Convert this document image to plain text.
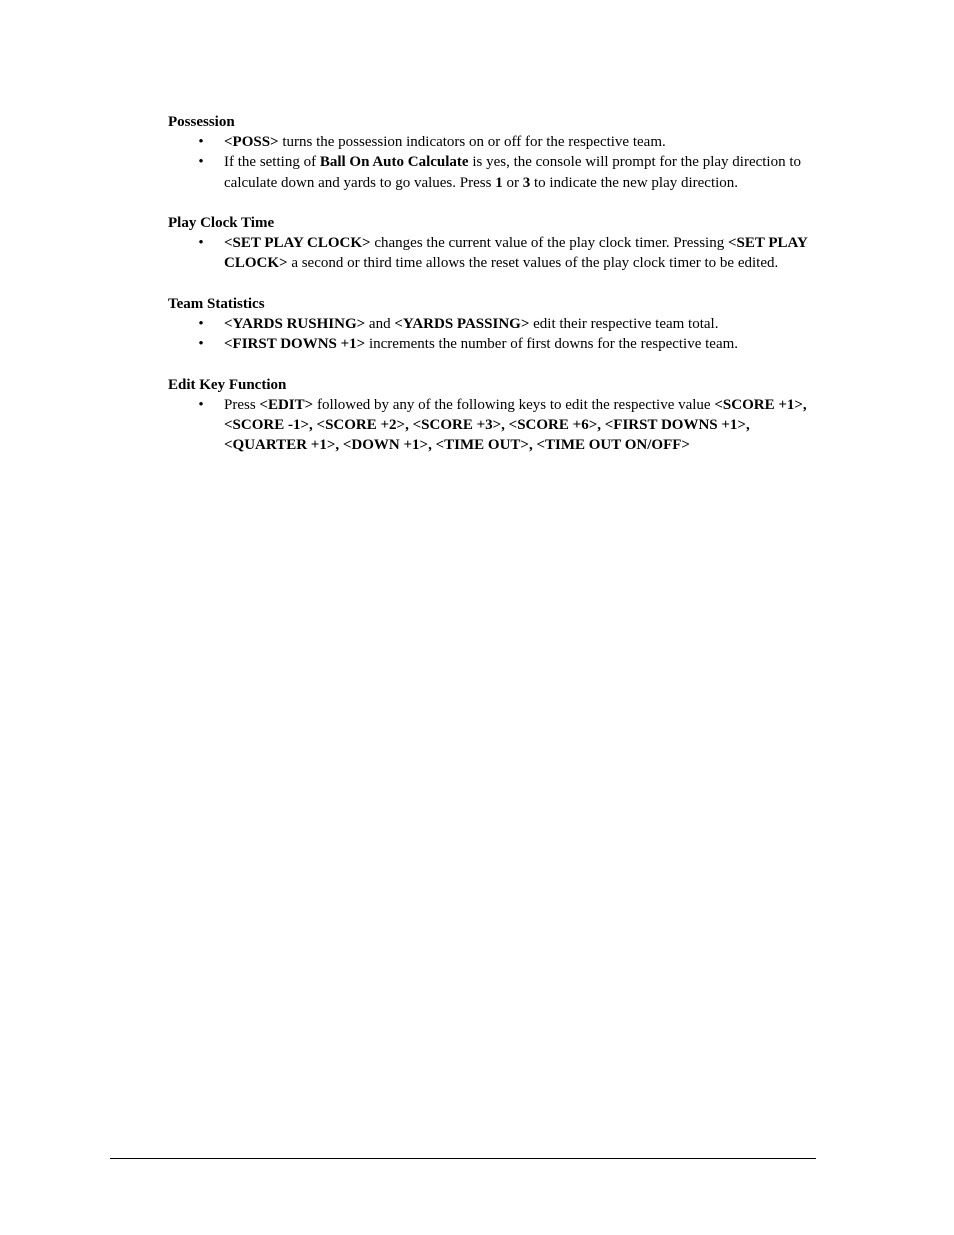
Possession

• <POSS> turns the possession indicators on or off for the respective team.
• If the setting of Ball On Auto Calculate is yes, the console will prompt for the play direction to calculate down and yards to go values. Press 1 or 3 to indicate the new play direction.

Play Clock Time

• <SET PLAY CLOCK> changes the current value of the play clock timer. Pressing <SET PLAY CLOCK> a second or third time allows the reset values of the play clock timer to be edited.

Team Statistics

• <YARDS RUSHING> and <YARDS PASSING> edit their respective team total.
• <FIRST DOWNS +1> increments the number of first downs for the respective team.

Edit Key Function

• Press <EDIT> followed by any of the following keys to edit the respective value <SCORE +1>, <SCORE -1>, <SCORE +2>, <SCORE +3>, <SCORE +6>, <FIRST DOWNS +1>, <QUARTER +1>, <DOWN +1>, <TIME OUT>, <TIME OUT ON/OFF>
